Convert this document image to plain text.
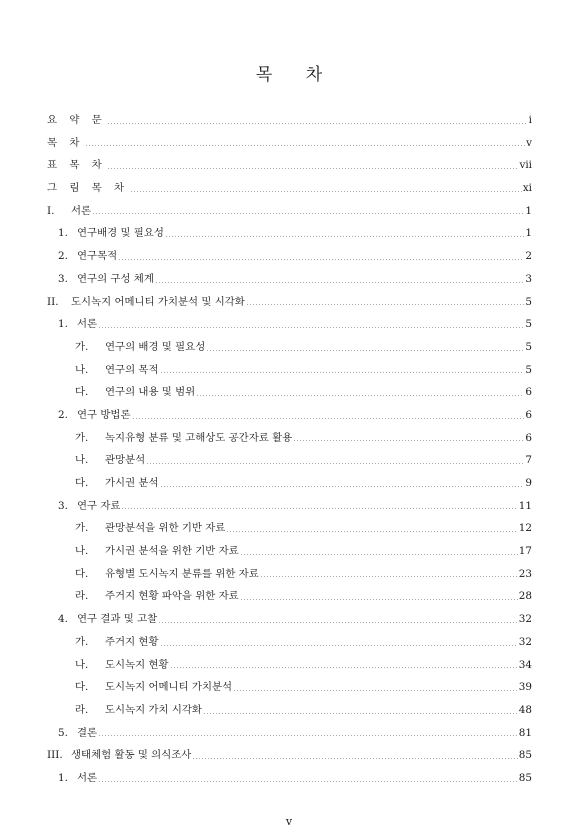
목 차
요 약 문	i
목 차	v
표 목 차	vii
그 림 목 차	xi
I.	서론	1
1. 연구배경 및 필요성	1
2. 연구목적	2
3. 연구의 구성 체계	3
II.	도시녹지 어메니티 가치분석 및 시각화	5
1. 서론	5
가.	연구의 배경 및 필요성	5
나.	연구의 목적	5
다.	연구의 내용 및 범위	6
2. 연구 방법론	6
가.	녹지유형 분류 및 고해상도 공간자료 활용	6
나.	관망분석	7
다.	가시권 분석	9
3. 연구 자료	11
가.	관망분석을 위한 기반 자료	12
나.	가시권 분석을 위한 기반 자료	17
다.	유형별 도시녹지 분류를 위한 자료	23
라.	주거지 현황 파악을 위한 자료	28
4. 연구 결과 및 고찰	32
가.	주거지 현황	32
나.	도시녹지 현황	34
다.	도시녹지 어메니티 가치분석	39
라.	도시녹지 가치 시각화	48
5. 결론	81
III. 생태체험 활동 및 의식조사	85
1. 서론	85
v
